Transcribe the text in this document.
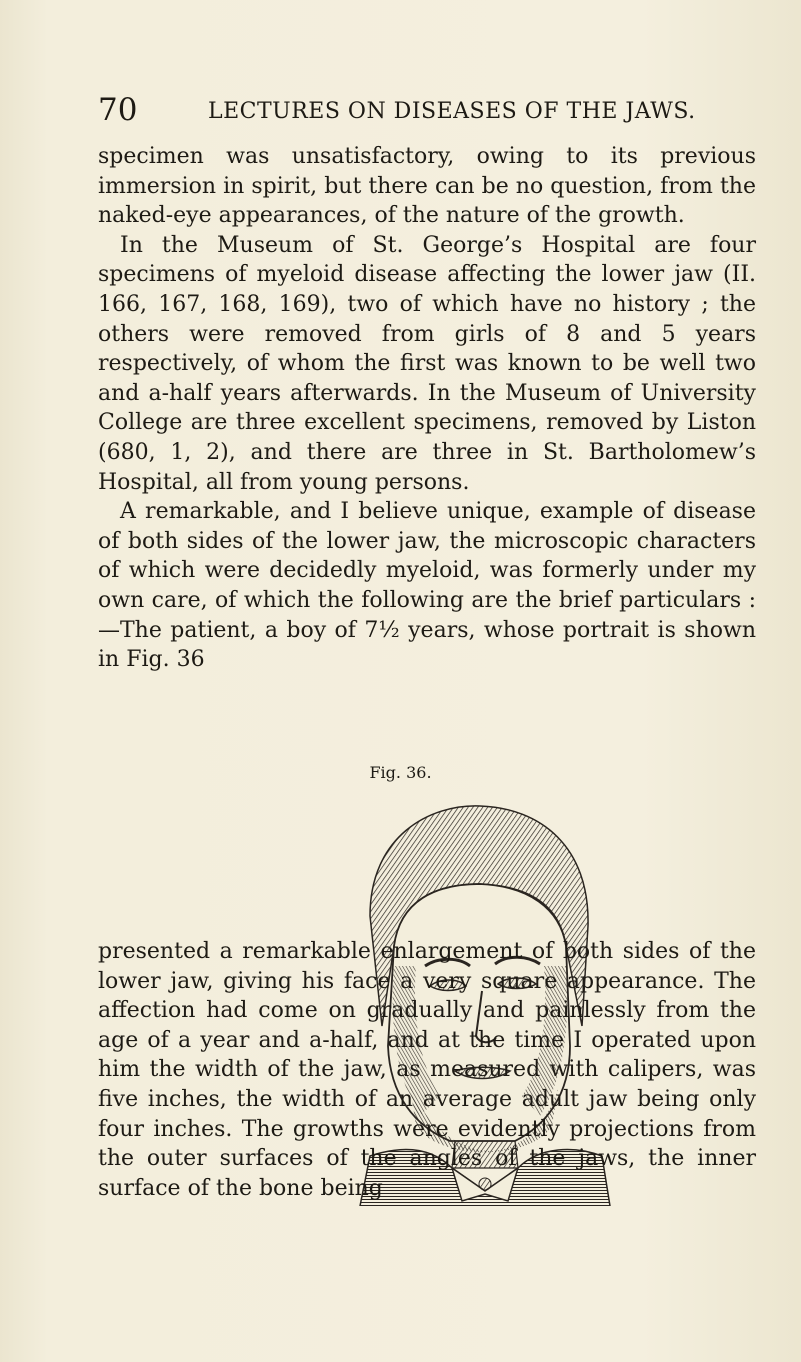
70	LECTURES ON DISEASES OF THE JAWS.

specimen was unsatisfactory, owing to its previous immersion in spirit, but there can be no question, from the naked-eye appearances, of the nature of the growth.

In the Museum of St. George’s Hospital are four specimens of myeloid disease affecting the lower jaw (II. 166, 167, 168, 169), two of which have no history ; the others were removed from girls of 8 and 5 years respectively, of whom the first was known to be well two and a-half years afterwards. In the Museum of University College are three excellent specimens, removed by Liston (680, 1, 2), and there are three in St. Bartholomew’s Hospital, all from young persons.

A remarkable, and I believe unique, example of disease of both sides of the lower jaw, the microscopic characters of which were decidedly myeloid, was formerly under my own care, of which the following are the brief particulars :—The patient, a boy of 7½ years, whose portrait is shown in Fig. 36

Fig. 36.

presented a remarkable enlargement of both sides of the lower jaw, giving his face a very square appearance. The affection had come on gradually and painlessly from the age of a year and a-half, and at the time I operated upon him the width of the jaw, as measured with calipers, was five inches, the width of an average adult jaw being only four inches. The growths were evidently projections from the outer surfaces of the angles of the jaws, the inner surface of the bone being
